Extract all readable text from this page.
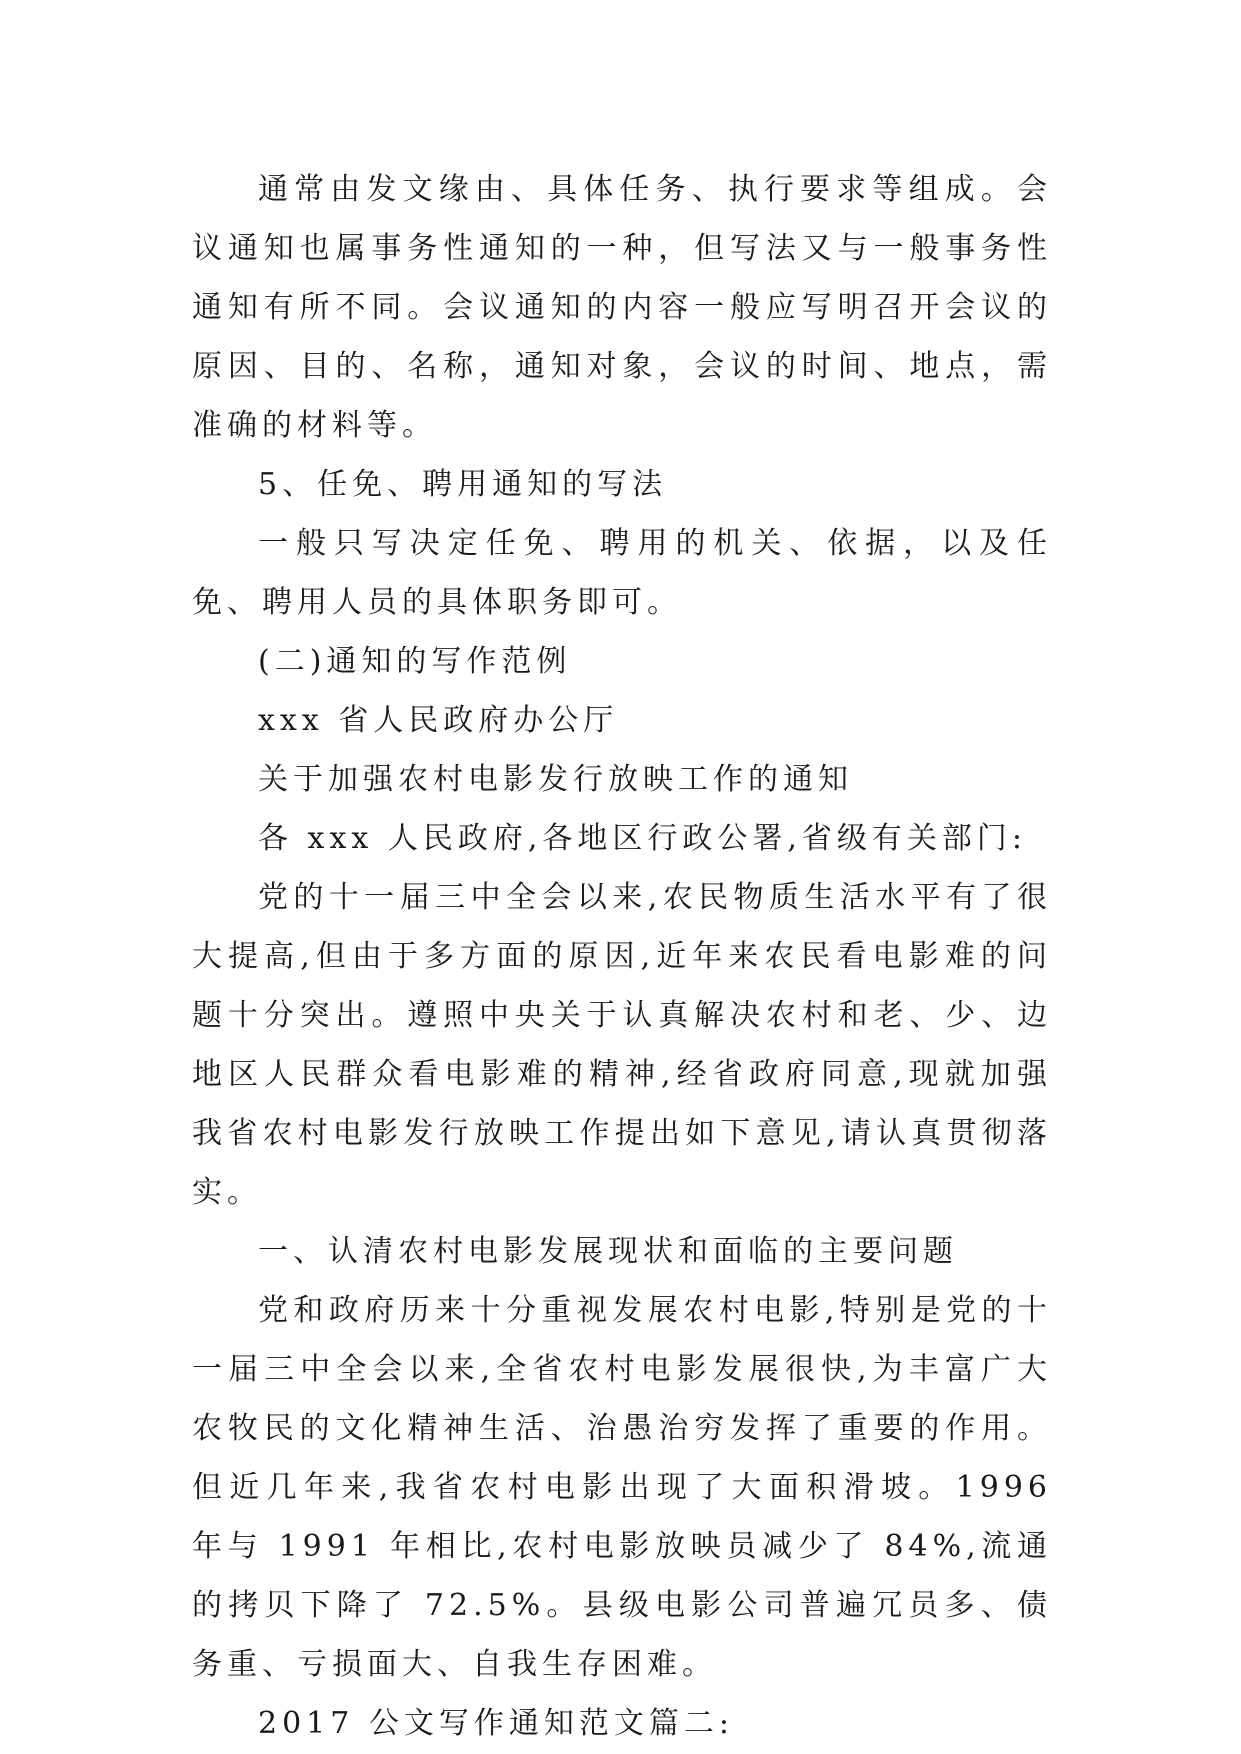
通常由发文缘由、具体任务、执行要求等组成。会议通知也属事务性通知的一种，但写法又与一般事务性通知有所不同。会议通知的内容一般应写明召开会议的原因、目的、名称，通知对象，会议的时间、地点，需准确的材料等。

5、任免、聘用通知的写法

一般只写决定任免、聘用的机关、依据，以及任免、聘用人员的具体职务即可。

(二)通知的写作范例

xxx 省人民政府办公厅

关于加强农村电影发行放映工作的通知

各 xxx 人民政府,各地区行政公署,省级有关部门:

党的十一届三中全会以来,农民物质生活水平有了很大提高,但由于多方面的原因,近年来农民看电影难的问题十分突出。遵照中央关于认真解决农村和老、少、边地区人民群众看电影难的精神,经省政府同意,现就加强我省农村电影发行放映工作提出如下意见,请认真贯彻落实。

一、认清农村电影发展现状和面临的主要问题

党和政府历来十分重视发展农村电影,特别是党的十一届三中全会以来,全省农村电影发展很快,为丰富广大农牧民的文化精神生活、治愚治穷发挥了重要的作用。但近几年来,我省农村电影出现了大面积滑坡。1996 年与 1991 年相比,农村电影放映员减少了 84%,流通的拷贝下降了 72.5%。县级电影公司普遍冗员多、债务重、亏损面大、自我生存困难。

2017 公文写作通知范文篇二:
